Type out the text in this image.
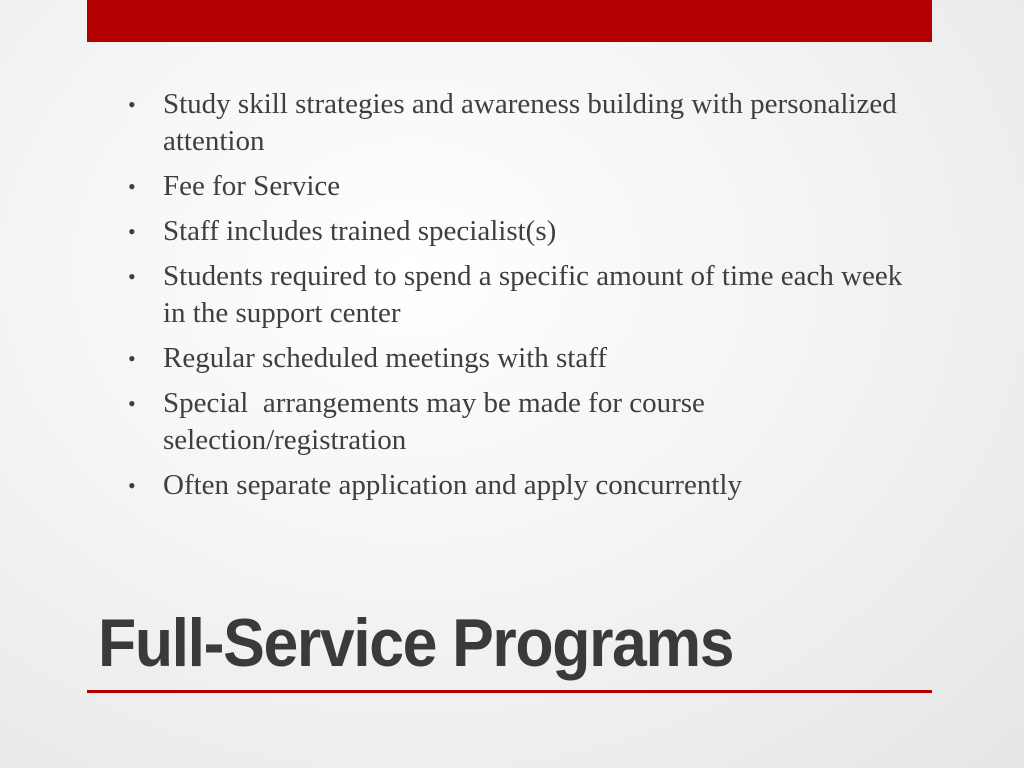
• Study skill strategies and awareness building with personalized attention
• Fee for Service
• Staff includes trained specialist(s)
• Students required to spend a specific amount of time each week in the support center
• Regular scheduled meetings with staff
• Special  arrangements may be made for course selection/registration
• Often separate application and apply concurrently
Full-Service Programs
